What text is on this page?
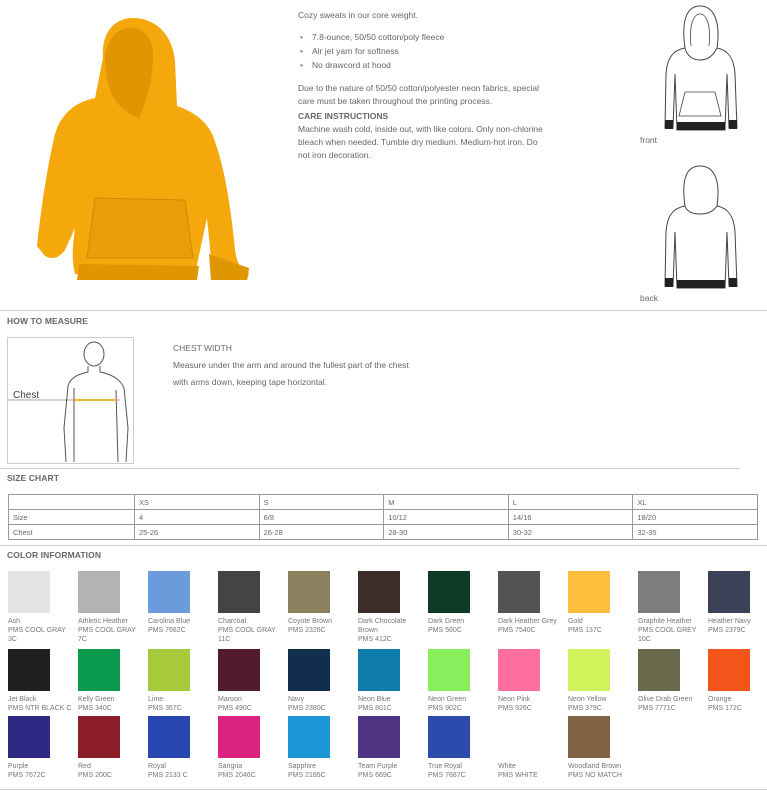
Cozy sweats in our core weight.

• 7.8-ounce, 50/50 cotton/poly fleece
• Air jet yarn for softness
• No drawcord at hood

Due to the nature of 50/50 cotton/polyester neon fabrics, special care must be taken throughout the printing process.

CARE INSTRUCTIONS

Machine wash cold, inside out, with like colors. Only non-chlorine bleach when needed. Tumble dry medium. Medium-hot iron. Do not iron decoration.

front
back
HOW TO MEASURE
Chest
CHEST WIDTH
Measure under the arm and around the fullest part of the chest
with arms down, keeping tape horizontal.
SIZE CHART
	XS	S	M	L	XL
Size	4	6/8	10/12	14/16	18/20
Chest	25-26	26-28	28-30	30-32	32-35
COLOR INFORMATION
Ash
PMS COOL GRAY 3C
Athletic Heather
PMS COOL GRAY 7C
Carolina Blue
PMS 7682C
Charcoal
PMS COOL GRAY 11C
Coyote Brown
PMS 2326C
Dark Chocolate Brown
PMS 412C
Dark Green
PMS 560C
Dark Heather Grey
PMS 7540C
Gold
PMS 137C
Graphite Heather
PMS COOL GREY 10C
Heather Navy
PMS 2379C
Jet Black
PMS NTR BLACK C
Kelly Green
PMS 340C
Lime
PMS 367C
Maroon
PMS 490C
Navy
PMS 2380C
Neon Blue
PMS 801C
Neon Green
PMS 902C
Neon Pink
PMS 926C
Neon Yellow
PMS 379C
Olive Drab Green
PMS 7771C
Orange
PMS 172C
Purple
PMS 7672C
Red
PMS 200C
Royal
PMS 2133 C
Sangria
PMS 2046C
Sapphire
PMS 2185C
Team Purple
PMS 669C
True Royal
PMS 7687C
White
PMS WHITE
Woodland Brown
PMS NO MATCH
